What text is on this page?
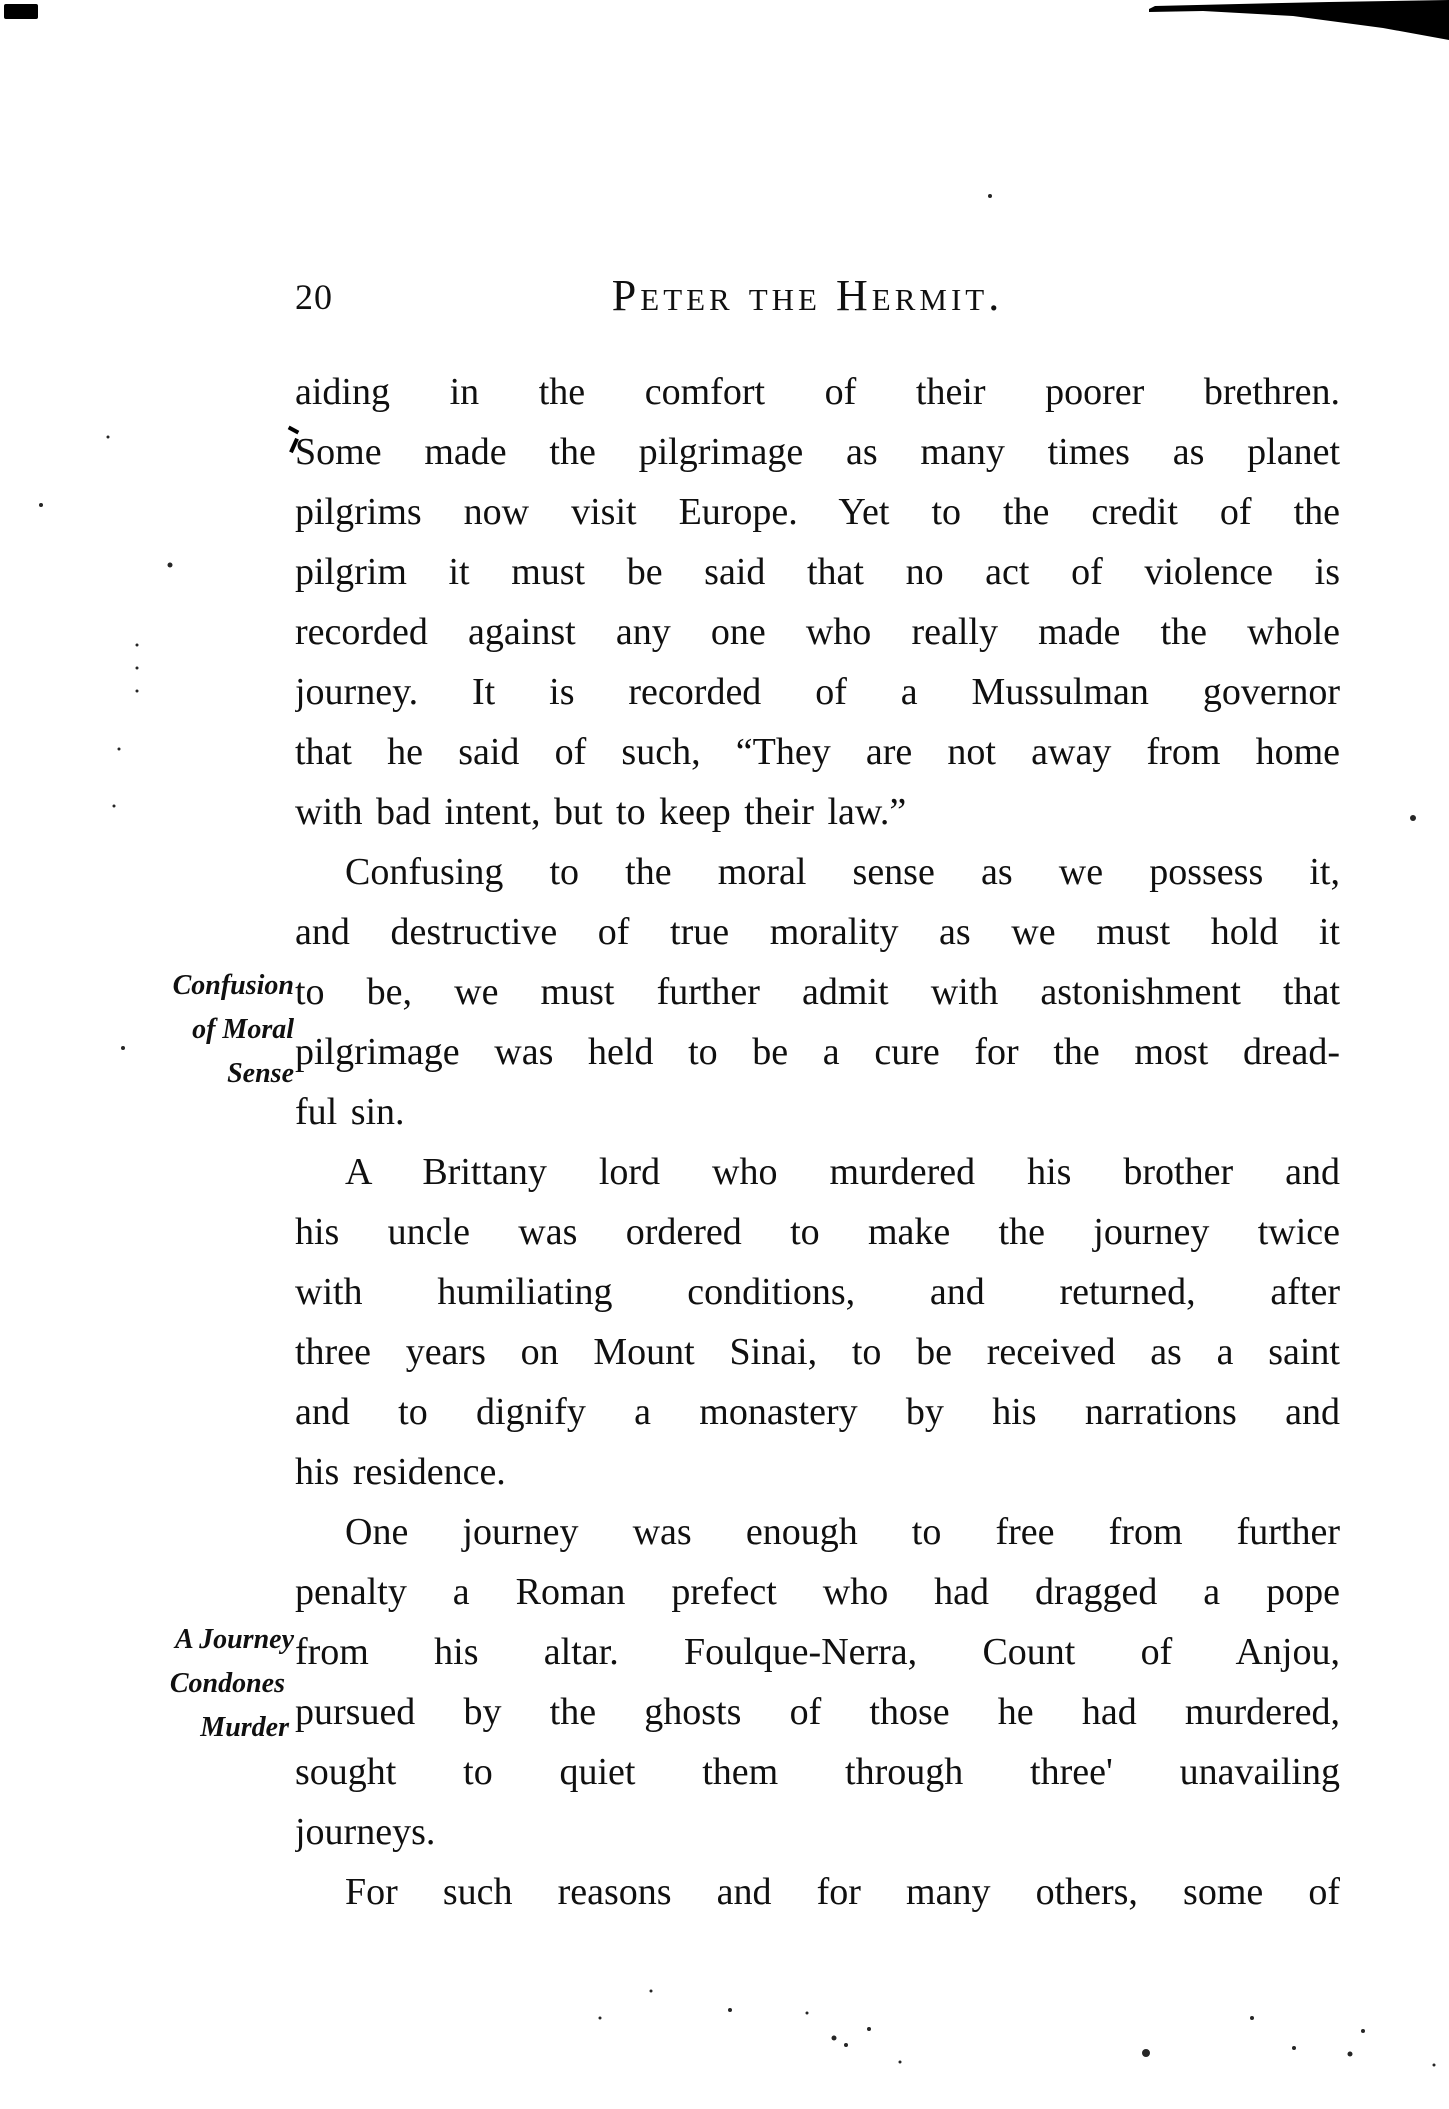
20	Peter the Hermit.
aiding in the comfort of their poorer brethren.
Some made the pilgrimage as many times as planet
pilgrims now visit Europe. Yet to the credit of the
pilgrim it must be said that no act of violence is
recorded against any one who really made the whole
journey. It is recorded of a Mussulman governor
that he said of such, “They are not away from home
with bad intent, but to keep their law.”
Confusing to the moral sense as we possess it,
and destructive of true morality as we must hold it
to be, we must further admit with astonishment that
pilgrimage was held to be a cure for the most dread-
ful sin.
A Brittany lord who murdered his brother and
his uncle was ordered to make the journey twice
with humiliating conditions, and returned, after
three years on Mount Sinai, to be received as a saint
and to dignify a monastery by his narrations and
his residence.
One journey was enough to free from further
penalty a Roman prefect who had dragged a pope
from his altar. Foulque-Nerra, Count of Anjou,
pursued by the ghosts of those he had murdered,
sought to quiet them through three' unavailing
journeys.
For such reasons and for many others, some of
Confusion
of Moral
Sense
A Journey
Condones
Murder
